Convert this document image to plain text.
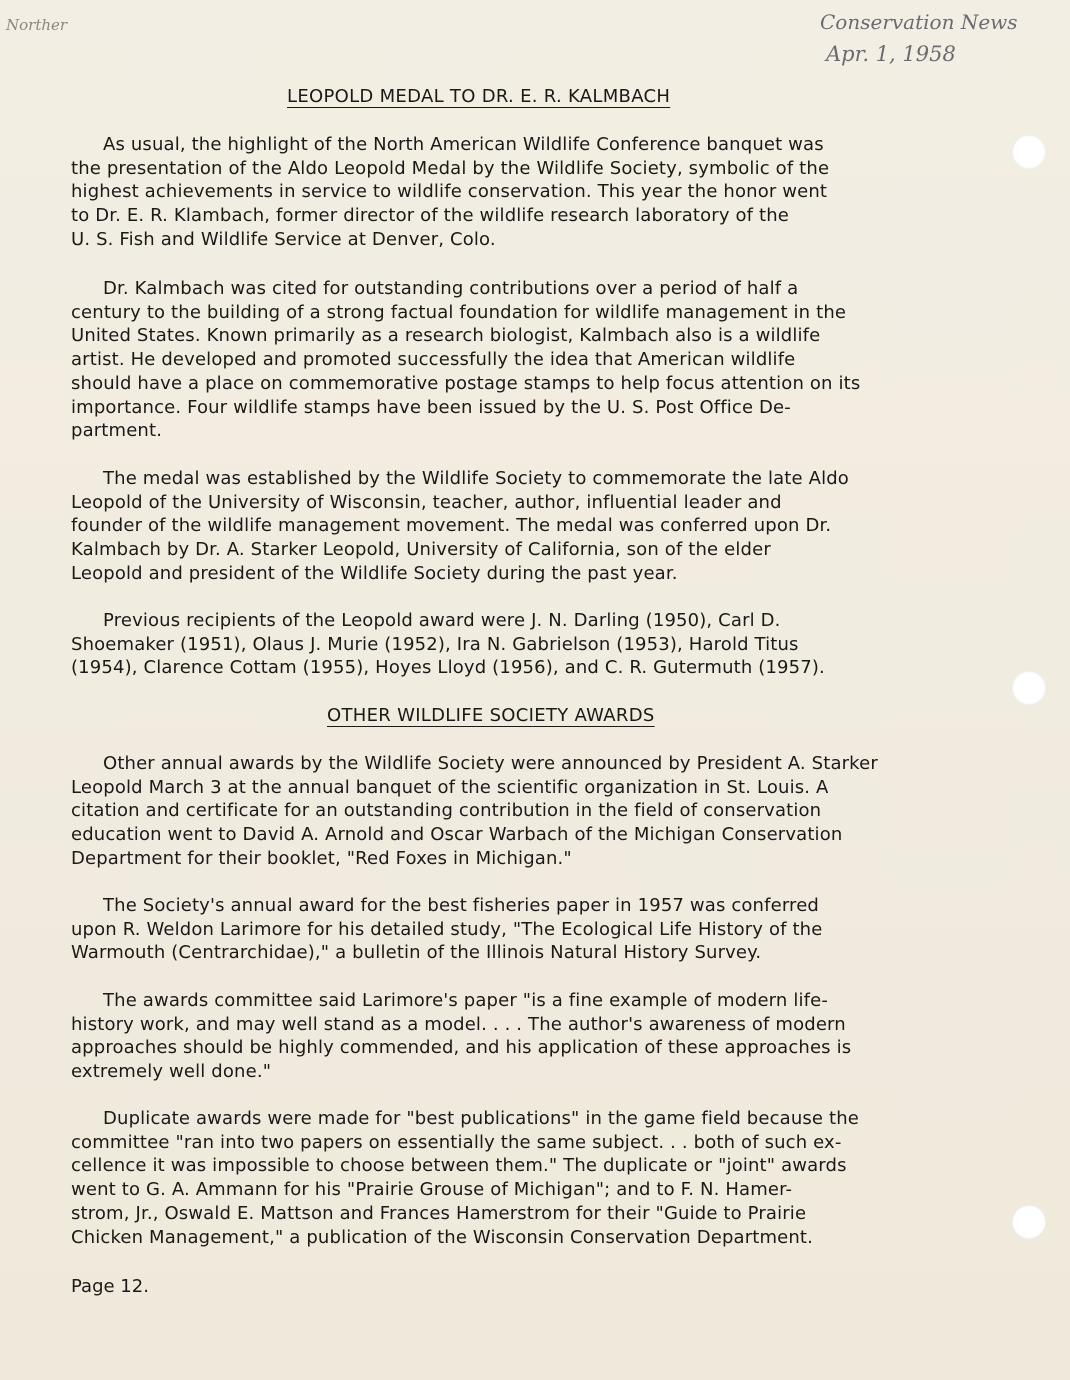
Norther	Conservation News
Apr. 1, 1958
LEOPOLD MEDAL TO DR. E. R. KALMBACH

As usual, the highlight of the North American Wildlife Conference banquet was
the presentation of the Aldo Leopold Medal by the Wildlife Society, symbolic of the
highest achievements in service to wildlife conservation. This year the honor went
to Dr. E. R. Klambach, former director of the wildlife research laboratory of the
U. S. Fish and Wildlife Service at Denver, Colo.

Dr. Kalmbach was cited for outstanding contributions over a period of half a
century to the building of a strong factual foundation for wildlife management in the
United States. Known primarily as a research biologist, Kalmbach also is a wildlife
artist. He developed and promoted successfully the idea that American wildlife
should have a place on commemorative postage stamps to help focus attention on its
importance. Four wildlife stamps have been issued by the U. S. Post Office De-
partment.

The medal was established by the Wildlife Society to commemorate the late Aldo
Leopold of the University of Wisconsin, teacher, author, influential leader and
founder of the wildlife management movement. The medal was conferred upon Dr.
Kalmbach by Dr. A. Starker Leopold, University of California, son of the elder
Leopold and president of the Wildlife Society during the past year.

Previous recipients of the Leopold award were J. N. Darling (1950), Carl D.
Shoemaker (1951), Olaus J. Murie (1952), Ira N. Gabrielson (1953), Harold Titus
(1954), Clarence Cottam (1955), Hoyes Lloyd (1956), and C. R. Gutermuth (1957).

OTHER WILDLIFE SOCIETY AWARDS

Other annual awards by the Wildlife Society were announced by President A. Starker
Leopold March 3 at the annual banquet of the scientific organization in St. Louis. A
citation and certificate for an outstanding contribution in the field of conservation
education went to David A. Arnold and Oscar Warbach of the Michigan Conservation
Department for their booklet, "Red Foxes in Michigan."

The Society's annual award for the best fisheries paper in 1957 was conferred
upon R. Weldon Larimore for his detailed study, "The Ecological Life History of the
Warmouth (Centrarchidae)," a bulletin of the Illinois Natural History Survey.

The awards committee said Larimore's paper "is a fine example of modern life-
history work, and may well stand as a model. . . . The author's awareness of modern
approaches should be highly commended, and his application of these approaches is
extremely well done."

Duplicate awards were made for "best publications" in the game field because the
committee "ran into two papers on essentially the same subject. . . both of such ex-
cellence it was impossible to choose between them." The duplicate or "joint" awards
went to G. A. Ammann for his "Prairie Grouse of Michigan"; and to F. N. Hamer-
strom, Jr., Oswald E. Mattson and Frances Hamerstrom for their "Guide to Prairie
Chicken Management," a publication of the Wisconsin Conservation Department.

Page 12.
